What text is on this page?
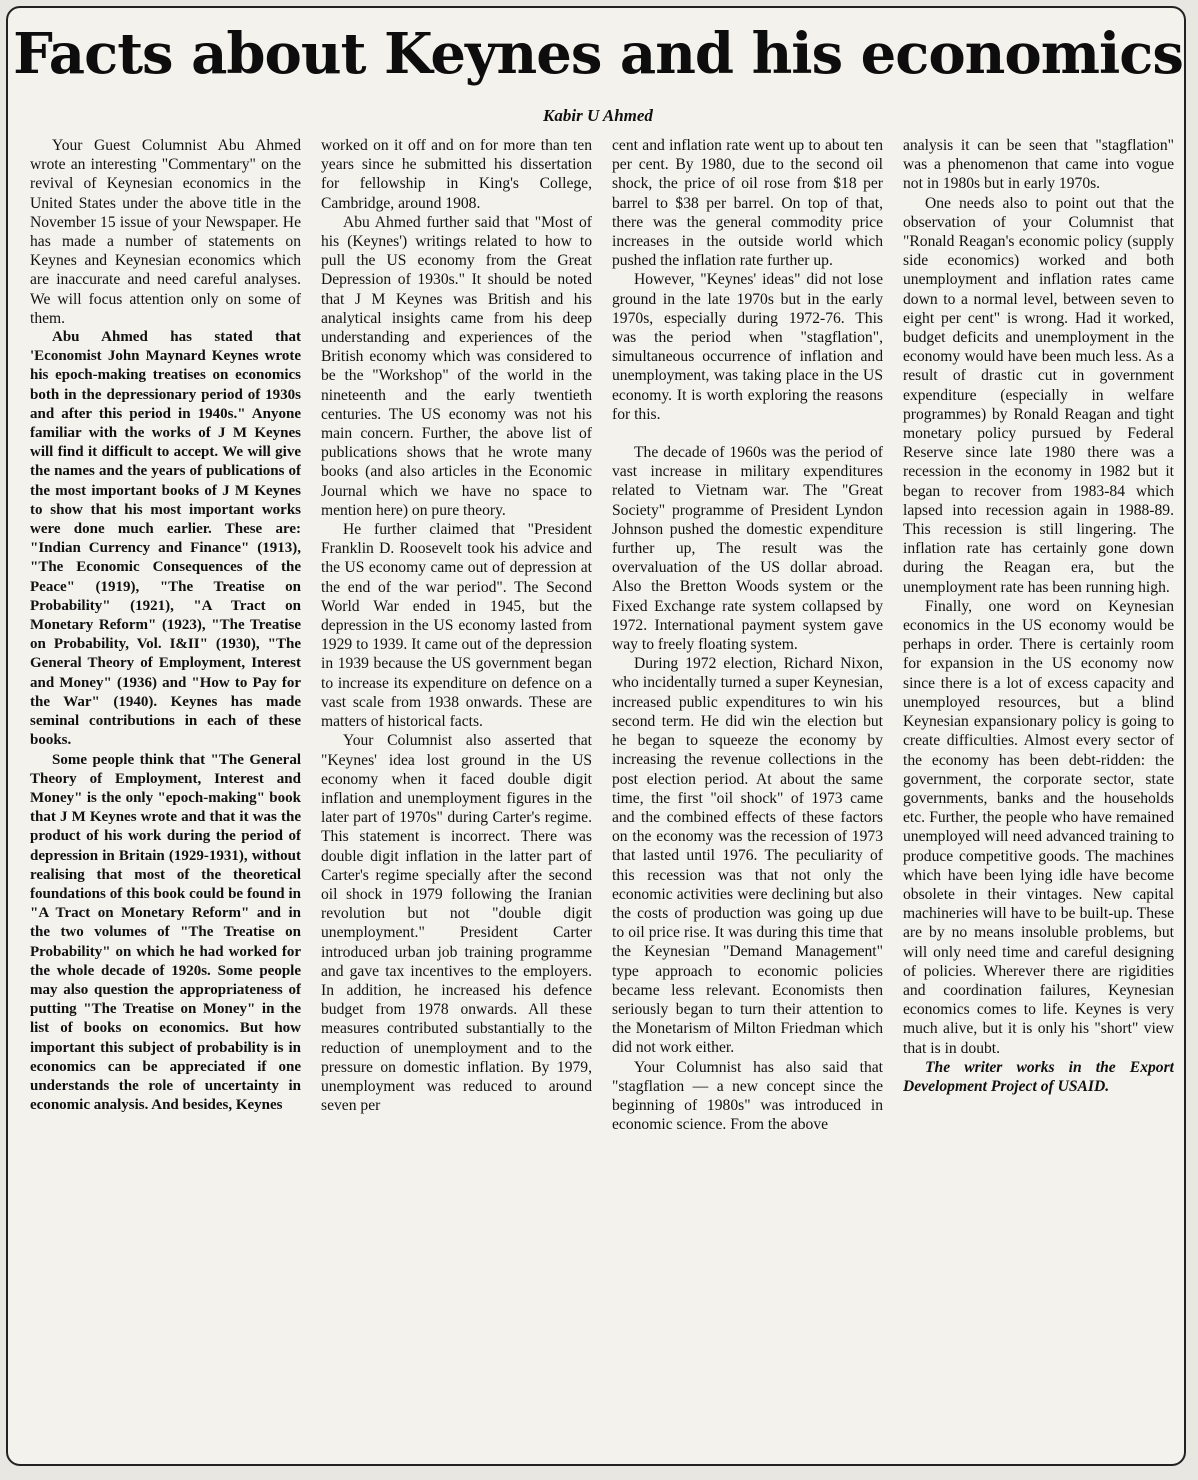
Facts about Keynes and his economics
Kabir U Ahmed

Your Guest Columnist Abu Ahmed wrote an interesting "Commentary" on the revival of Keynesian economics in the United States under the above title in the November 15 issue of your Newspaper. He has made a number of statements on Keynes and Keynesian economics which are inaccurate and need careful analyses. We will focus attention only on some of them.

Abu Ahmed has stated that 'Economist John Maynard Keynes wrote his epoch-making treatises on economics both in the depressionary period of 1930s and after this period in 1940s." Anyone familiar with the works of J M Keynes will find it difficult to accept. We will give the names and the years of publications of the most important books of J M Keynes to show that his most important works were done much earlier. These are: "Indian Currency and Finance" (1913), "The Economic Consequences of the Peace" (1919), "The Treatise on Probability" (1921), "A Tract on Monetary Reform" (1923), "The Treatise on Probability, Vol. I&II" (1930), "The General Theory of Employment, Interest and Money" (1936) and "How to Pay for the War" (1940). Keynes has made seminal contributions in each of these books.

Some people think that "The General Theory of Employment, Interest and Money" is the only "epoch-making" book that J M Keynes wrote and that it was the product of his work during the period of depression in Britain (1929-1931), without realising that most of the theoretical foundations of this book could be found in "A Tract on Monetary Reform" and in the two volumes of "The Treatise on Probability" on which he had worked for the whole decade of 1920s. Some people may also question the appropriateness of putting "The Treatise on Money" in the list of books on economics. But how important this subject of probability is in economics can be appreciated if one understands the role of uncertainty in economic analysis. And besides, Keynes

worked on it off and on for more than ten years since he submitted his dissertation for fellowship in King's College, Cambridge, around 1908.

Abu Ahmed further said that "Most of his (Keynes') writings related to how to pull the US economy from the Great Depression of 1930s." It should be noted that J M Keynes was British and his analytical insights came from his deep understanding and experiences of the British economy which was considered to be the "Workshop" of the world in the nineteenth and the early twentieth centuries. The US economy was not his main concern. Further, the above list of publications shows that he wrote many books (and also articles in the Economic Journal which we have no space to mention here) on pure theory.

He further claimed that "President Franklin D. Roosevelt took his advice and the US economy came out of depression at the end of the war period". The Second World War ended in 1945, but the depression in the US economy lasted from 1929 to 1939. It came out of the depression in 1939 because the US government began to increase its expenditure on defence on a vast scale from 1938 onwards. These are matters of historical facts.

Your Columnist also asserted that "Keynes' idea lost ground in the US economy when it faced double digit inflation and unemployment figures in the later part of 1970s" during Carter's regime. This statement is incorrect. There was double digit inflation in the latter part of Carter's regime specially after the second oil shock in 1979 following the Iranian revolution but not "double digit unemployment." President Carter introduced urban job training programme and gave tax incentives to the employers. In addition, he increased his defence budget from 1978 onwards. All these measures contributed substantially to the reduction of unemployment and to the pressure on domestic inflation. By 1979, unemployment was reduced to around seven per

cent and inflation rate went up to about ten per cent. By 1980, due to the second oil shock, the price of oil rose from $18 per barrel to $38 per barrel. On top of that, there was the general commodity price increases in the outside world which pushed the inflation rate further up.

However, "Keynes' ideas" did not lose ground in the late 1970s but in the early 1970s, especially during 1972-76. This was the period when "stagflation", simultaneous occurrence of inflation and unemployment, was taking place in the US economy. It is worth exploring the reasons for this.

The decade of 1960s was the period of vast increase in military expenditures related to Vietnam war. The "Great Society" programme of President Lyndon Johnson pushed the domestic expenditure further up, The result was the overvaluation of the US dollar abroad. Also the Bretton Woods system or the Fixed Exchange rate system collapsed by 1972. International payment system gave way to freely floating system.

During 1972 election, Richard Nixon, who incidentally turned a super Keynesian, increased public expenditures to win his second term. He did win the election but he began to squeeze the economy by increasing the revenue collections in the post election period. At about the same time, the first "oil shock" of 1973 came and the combined effects of these factors on the economy was the recession of 1973 that lasted until 1976. The peculiarity of this recession was that not only the economic activities were declining but also the costs of production was going up due to oil price rise. It was during this time that the Keynesian "Demand Management" type approach to economic policies became less relevant. Economists then seriously began to turn their attention to the Monetarism of Milton Friedman which did not work either.

Your Columnist has also said that "stagflation — a new concept since the beginning of 1980s" was introduced in economic science. From the above

analysis it can be seen that "stagflation" was a phenomenon that came into vogue not in 1980s but in early 1970s.

One needs also to point out that the observation of your Columnist that "Ronald Reagan's economic policy (supply side economics) worked and both unemployment and inflation rates came down to a normal level, between seven to eight per cent" is wrong. Had it worked, budget deficits and unemployment in the economy would have been much less. As a result of drastic cut in government expenditure (especially in welfare programmes) by Ronald Reagan and tight monetary policy pursued by Federal Reserve since late 1980 there was a recession in the economy in 1982 but it began to recover from 1983-84 which lapsed into recession again in 1988-89. This recession is still lingering. The inflation rate has certainly gone down during the Reagan era, but the unemployment rate has been running high.

Finally, one word on Keynesian economics in the US economy would be perhaps in order. There is certainly room for expansion in the US economy now since there is a lot of excess capacity and unemployed resources, but a blind Keynesian expansionary policy is going to create difficulties. Almost every sector of the economy has been debt-ridden: the government, the corporate sector, state governments, banks and the households etc. Further, the people who have remained unemployed will need advanced training to produce competitive goods. The machines which have been lying idle have become obsolete in their vintages. New capital machineries will have to be built-up. These are by no means insoluble problems, but will only need time and careful designing of policies. Wherever there are rigidities and coordination failures, Keynesian economics comes to life. Keynes is very much alive, but it is only his "short" view that is in doubt.

The writer works in the Export Development Project of USAID.
